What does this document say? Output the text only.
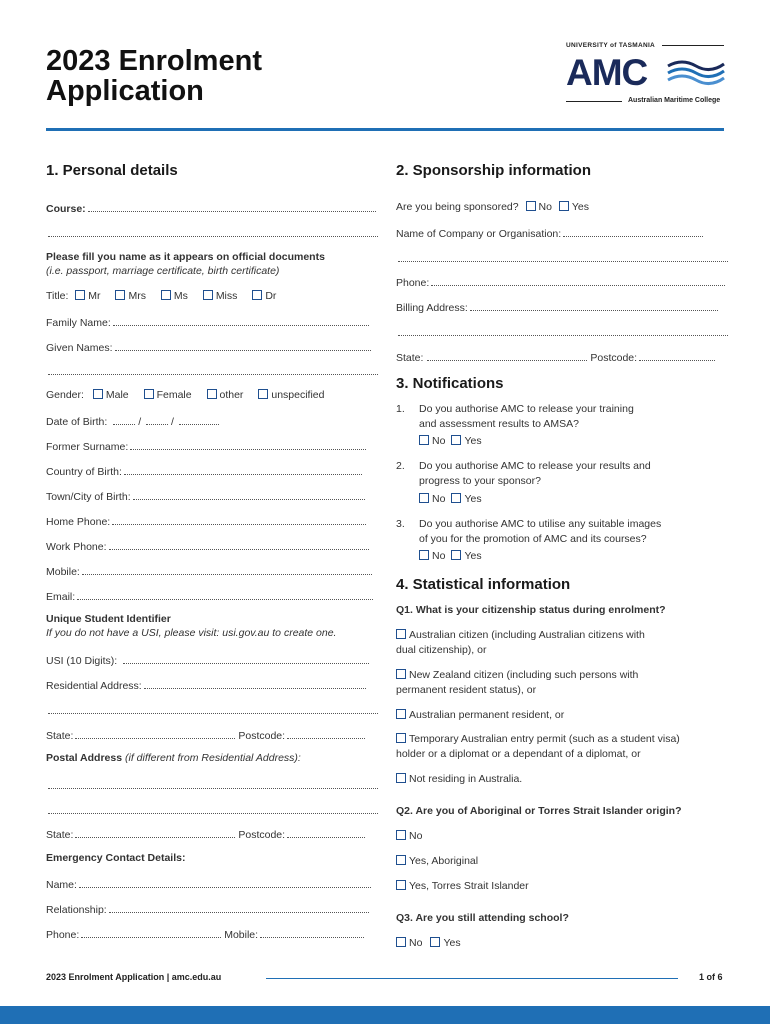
2023 Enrolment
Application
UNIVERSITY of TASMANIA
AMC
Australian Maritime College
1. Personal details
Course:
Please fill you name as it appears on official documents
(i.e. passport, marriage certificate, birth certificate)
Title: Mr	Mrs	Ms	Miss	Dr
Family Name:
Given Names:
Gender: Male	Female	other	unspecified
Date of Birth:	/  /
Former Surname:
Country of Birth:
Town/City of Birth:
Home Phone:
Work Phone:
Mobile:
Email:
Unique Student Identifier
If you do not have a USI, please visit: usi.gov.au to create one.
USI (10 Digits):
Residential Address:
State:	Postcode:
Postal Address (if different from Residential Address):
State:	Postcode:
Emergency Contact Details:
Name:
Relationship:
Phone:	Mobile:
2. Sponsorship information
Are you being sponsored? No Yes
Name of Company or Organisation:
Phone:
Billing Address:
State:	Postcode:
3. Notifications
1. Do you authorise AMC to release your training
and assessment results to AMSA?
No Yes
2. Do you authorise AMC to release your results and
progress to your sponsor?
No Yes
3. Do you authorise AMC to utilise any suitable images
of you for the promotion of AMC and its courses?
No Yes
4. Statistical information
Q1. What is your citizenship status during enrolment?
Australian citizen (including Australian citizens with
dual citizenship), or
New Zealand citizen (including such persons with
permanent resident status), or
Australian permanent resident, or
Temporary Australian entry permit (such as a student visa)
holder or a diplomat or a dependant of a diplomat, or
Not residing in Australia.
Q2. Are you of Aboriginal or Torres Strait Islander origin?
No
Yes, Aboriginal
Yes, Torres Strait Islander
Q3. Are you still attending school?
No Yes
2023 Enrolment Application | amc.edu.au	1 of 6
